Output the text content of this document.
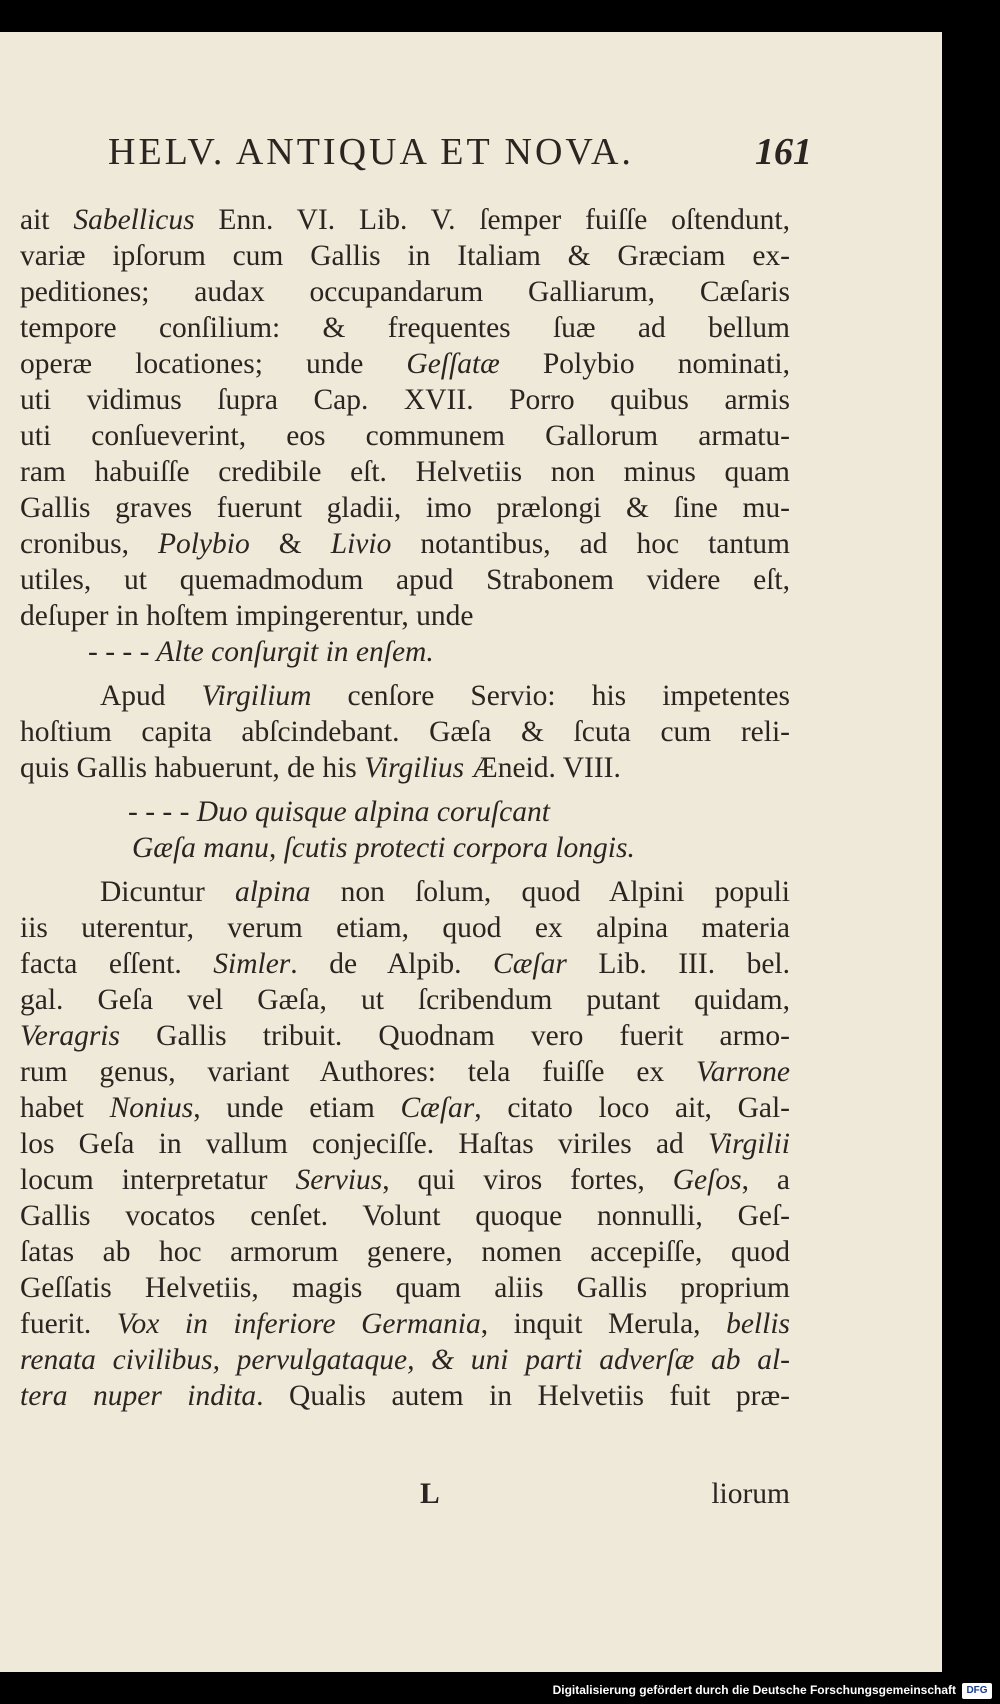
HELV. ANTIQUA ET NOVA.	161
ait Sabellicus Enn. VI. Lib. V. ſemper fuiſſe oſtendunt,
variæ ipſorum cum Gallis in Italiam & Græciam ex-
peditiones; audax occupandarum Galliarum, Cæſaris
tempore conſilium: & frequentes ſuæ ad bellum
operæ locationes; unde Geſſatæ Polybio nominati,
uti vidimus ſupra Cap. XVII. Porro quibus armis
uti conſueverint, eos communem Gallorum armatu-
ram habuiſſe credibile eſt. Helvetiis non minus quam
Gallis graves fuerunt gladii, imo prælongi & ſine mu-
cronibus, Polybio & Livio notantibus, ad hoc tantum
utiles, ut quemadmodum apud Strabonem videre eſt,
deſuper in hoſtem impingerentur, unde
- - - - Alte conſurgit in enſem.
Apud Virgilium cenſore Servio: his impetentes
hoſtium capita abſcindebant. Gæſa & ſcuta cum reli-
quis Gallis habuerunt, de his Virgilius Æneid. VIII.
- - - - Duo quisque alpina coruſcant
Gæſa manu, ſcutis protecti corpora longis.
Dicuntur alpina non ſolum, quod Alpini populi
iis uterentur, verum etiam, quod ex alpina materia
facta eſſent. Simler. de Alpib. Cæſar Lib. III. bel.
gal. Geſa vel Gæſa, ut ſcribendum putant quidam,
Veragris Gallis tribuit. Quodnam vero fuerit armo-
rum genus, variant Authores: tela fuiſſe ex Varrone
habet Nonius, unde etiam Cæſar, citato loco ait, Gal-
los Geſa in vallum conjeciſſe. Haſtas viriles ad Virgilii
locum interpretatur Servius, qui viros fortes, Geſos, a
Gallis vocatos cenſet. Volunt quoque nonnulli, Geſ-
ſatas ab hoc armorum genere, nomen accepiſſe, quod
Geſſatis Helvetiis, magis quam aliis Gallis proprium
fuerit. Vox in inferiore Germania, inquit Merula, bellis
renata civilibus, pervulgataque, & uni parti adverſæ ab al-
tera nuper indita. Qualis autem in Helvetiis fuit præ-
L	liorum
Digitalisierung gefördert durch die Deutsche Forschungsgemeinschaft	DFG
